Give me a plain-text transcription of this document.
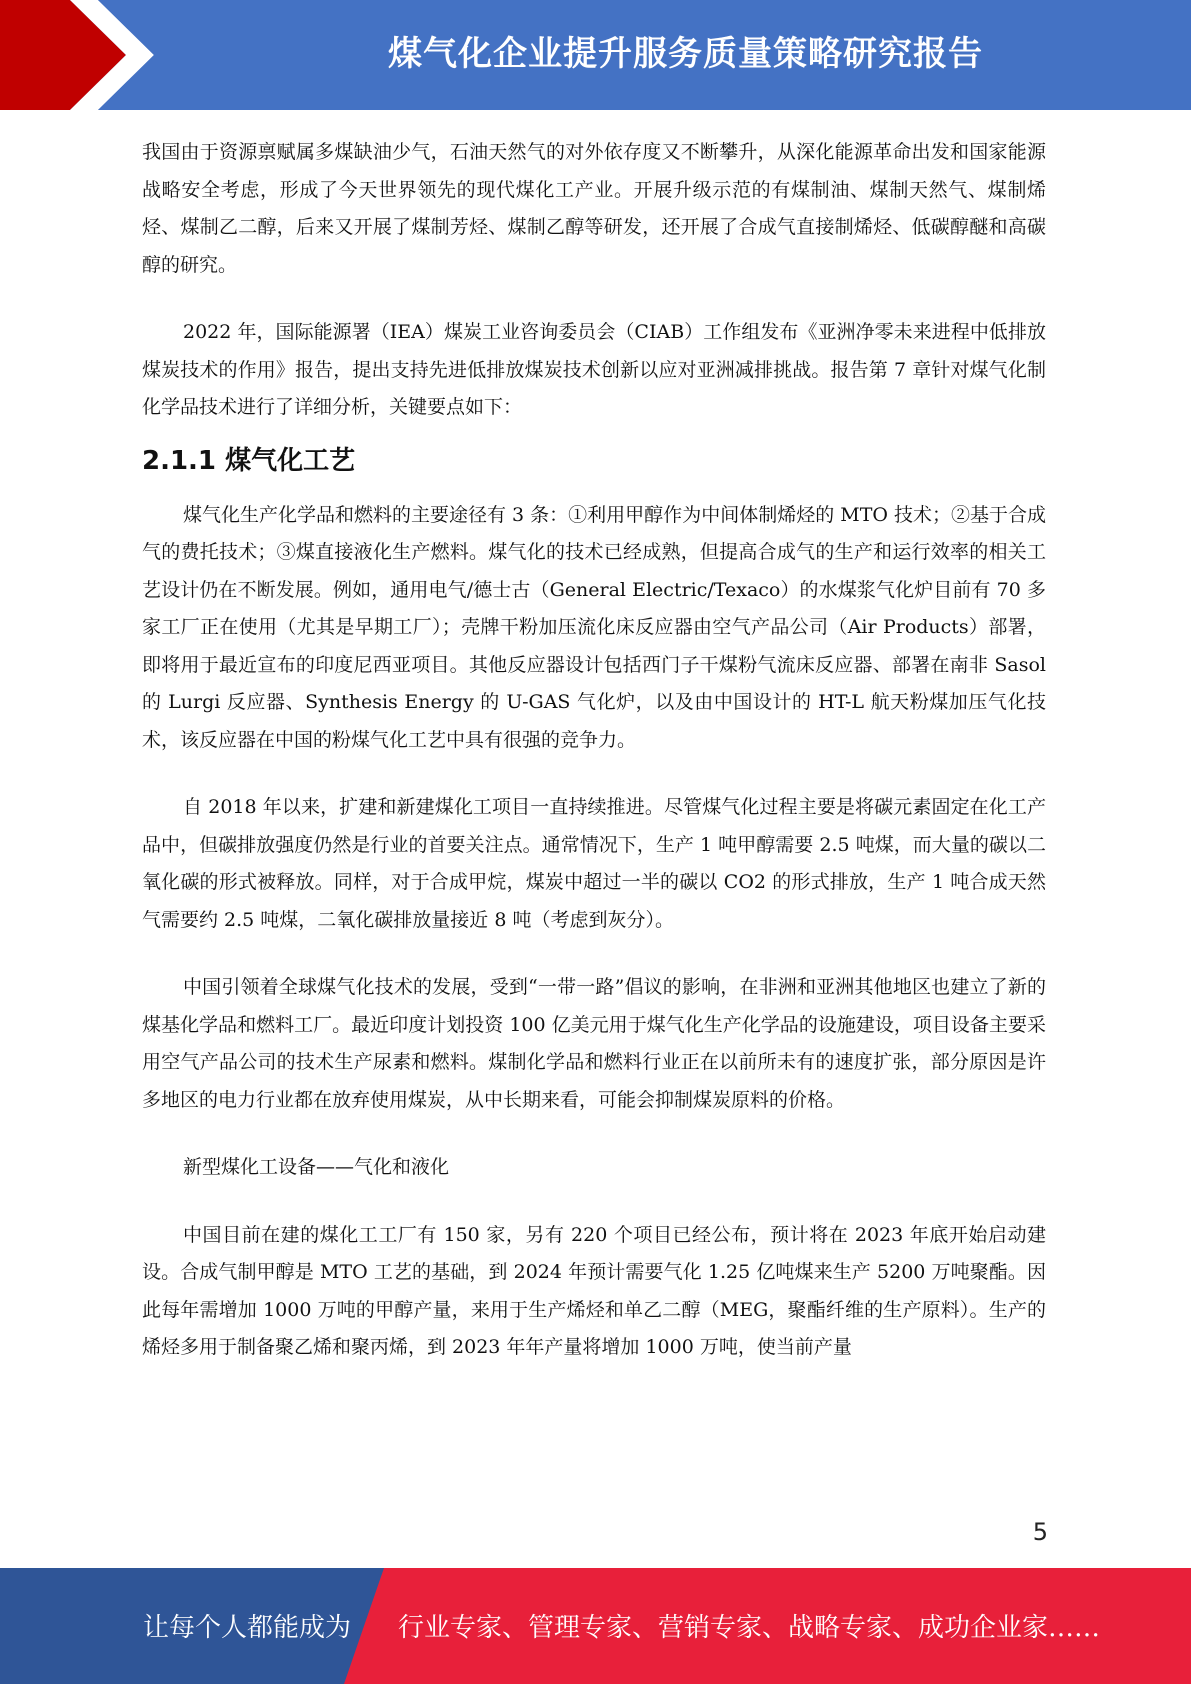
煤气化企业提升服务质量策略研究报告

我国由于资源禀赋属多煤缺油少气，石油天然气的对外依存度又不断攀升，从深化能源革命出发和国家能源战略安全考虑，形成了今天世界领先的现代煤化工产业。开展升级示范的有煤制油、煤制天然气、煤制烯烃、煤制乙二醇，后来又开展了煤制芳烃、煤制乙醇等研发，还开展了合成气直接制烯烃、低碳醇醚和高碳醇的研究。

2022 年，国际能源署（IEA）煤炭工业咨询委员会（CIAB）工作组发布《亚洲净零未来进程中低排放煤炭技术的作用》报告，提出支持先进低排放煤炭技术创新以应对亚洲减排挑战。报告第 7 章针对煤气化制化学品技术进行了详细分析，关键要点如下：

2.1.1 煤气化工艺

煤气化生产化学品和燃料的主要途径有 3 条：①利用甲醇作为中间体制烯烃的 MTO 技术；②基于合成气的费托技术；③煤直接液化生产燃料。煤气化的技术已经成熟，但提高合成气的生产和运行效率的相关工艺设计仍在不断发展。例如，通用电气/德士古（General Electric/Texaco）的水煤浆气化炉目前有 70 多家工厂正在使用（尤其是早期工厂）；壳牌干粉加压流化床反应器由空气产品公司（Air Products）部署，即将用于最近宣布的印度尼西亚项目。其他反应器设计包括西门子干煤粉气流床反应器、部署在南非 Sasol 的 Lurgi 反应器、Synthesis Energy 的 U-GAS 气化炉，以及由中国设计的 HT-L 航天粉煤加压气化技术，该反应器在中国的粉煤气化工艺中具有很强的竞争力。

自 2018 年以来，扩建和新建煤化工项目一直持续推进。尽管煤气化过程主要是将碳元素固定在化工产品中，但碳排放强度仍然是行业的首要关注点。通常情况下，生产 1 吨甲醇需要 2.5 吨煤，而大量的碳以二氧化碳的形式被释放。同样，对于合成甲烷，煤炭中超过一半的碳以 CO2 的形式排放，生产 1 吨合成天然气需要约 2.5 吨煤，二氧化碳排放量接近 8 吨（考虑到灰分）。

中国引领着全球煤气化技术的发展，受到“一带一路”倡议的影响，在非洲和亚洲其他地区也建立了新的煤基化学品和燃料工厂。最近印度计划投资 100 亿美元用于煤气化生产化学品的设施建设，项目设备主要采用空气产品公司的技术生产尿素和燃料。煤制化学品和燃料行业正在以前所未有的速度扩张，部分原因是许多地区的电力行业都在放弃使用煤炭，从中长期来看，可能会抑制煤炭原料的价格。

新型煤化工设备——气化和液化

中国目前在建的煤化工工厂有 150 家，另有 220 个项目已经公布，预计将在 2023 年底开始启动建设。合成气制甲醇是 MTO 工艺的基础，到 2024 年预计需要气化 1.25 亿吨煤来生产 5200 万吨聚酯。因此每年需增加 1000 万吨的甲醇产量，来用于生产烯烃和单乙二醇（MEG，聚酯纤维的生产原料）。生产的烯烃多用于制备聚乙烯和聚丙烯，到 2023 年年产量将增加 1000 万吨，使当前产量

5
让每个人都能成为 行业专家、管理专家、营销专家、战略专家、成功企业家……
